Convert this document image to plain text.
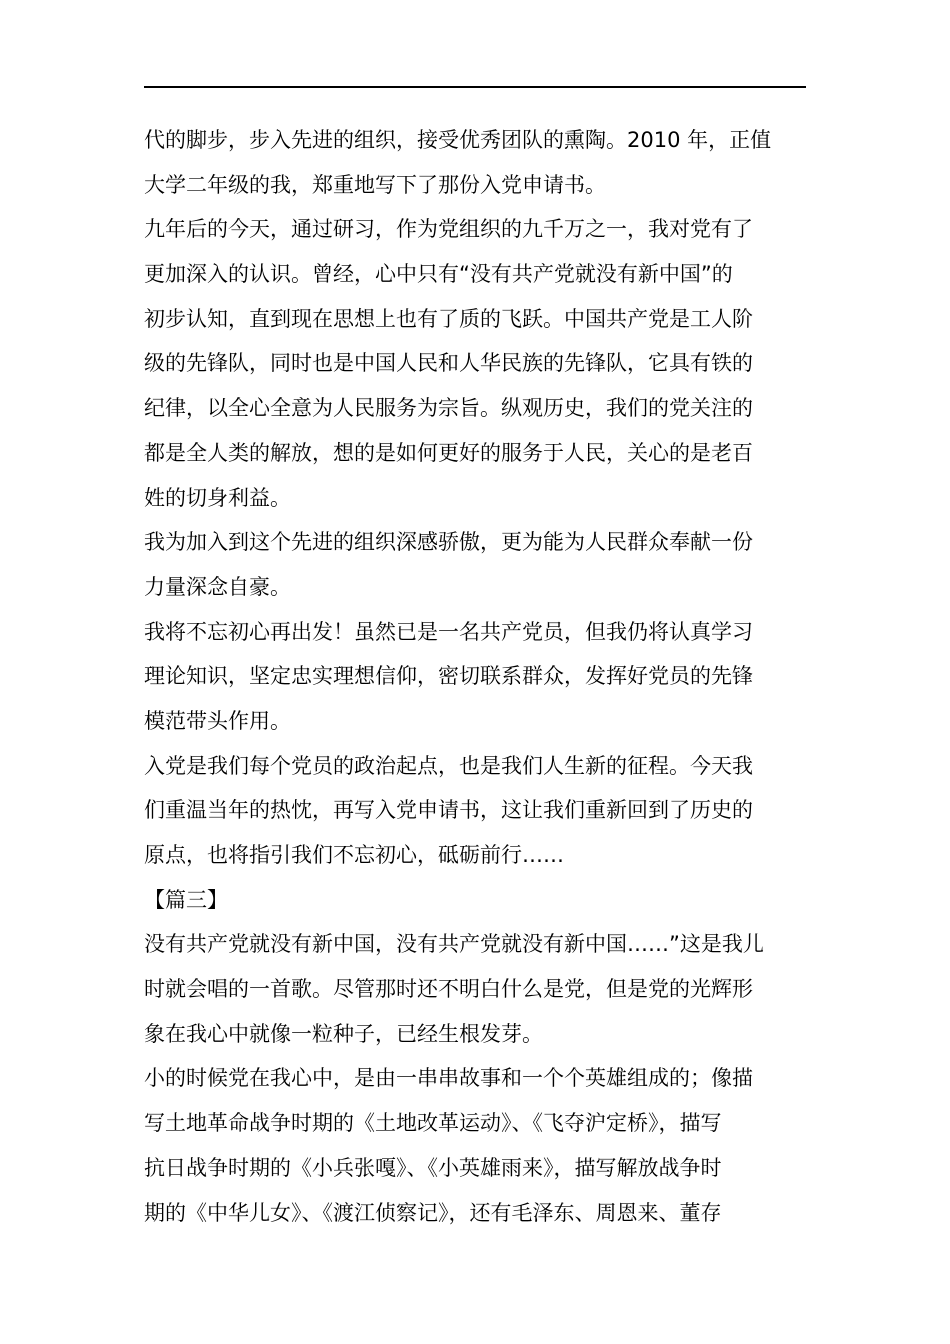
代的脚步，步入先进的组织，接受优秀团队的熏陶。2010 年，正值
大学二年级的我，郑重地写下了那份入党申请书。
九年后的今天，通过研习，作为党组织的九千万之一，我对党有了
更加深入的认识。曾经，心中只有“没有共产党就没有新中国”的
初步认知，直到现在思想上也有了质的飞跃。中国共产党是工人阶
级的先锋队，同时也是中国人民和人华民族的先锋队，它具有铁的
纪律，以全心全意为人民服务为宗旨。纵观历史，我们的党关注的
都是全人类的解放，想的是如何更好的服务于人民，关心的是老百
姓的切身利益。
我为加入到这个先进的组织深感骄傲，更为能为人民群众奉献一份
力量深念自豪。
我将不忘初心再出发！虽然已是一名共产党员，但我仍将认真学习
理论知识，坚定忠实理想信仰，密切联系群众，发挥好党员的先锋
模范带头作用。
入党是我们每个党员的政治起点，也是我们人生新的征程。今天我
们重温当年的热忱，再写入党申请书，这让我们重新回到了历史的
原点，也将指引我们不忘初心，砥砺前行……
【篇三】
没有共产党就没有新中国，没有共产党就没有新中国……”这是我儿
时就会唱的一首歌。尽管那时还不明白什么是党，但是党的光辉形
象在我心中就像一粒种子，已经生根发芽。
小的时候党在我心中，是由一串串故事和一个个英雄组成的；像描
写土地革命战争时期的《土地改革运动》、《飞夺沪定桥》，描写
抗日战争时期的《小兵张嘎》、《小英雄雨来》，描写解放战争时
期的《中华儿女》、《渡江侦察记》，还有毛泽东、周恩来、董存
